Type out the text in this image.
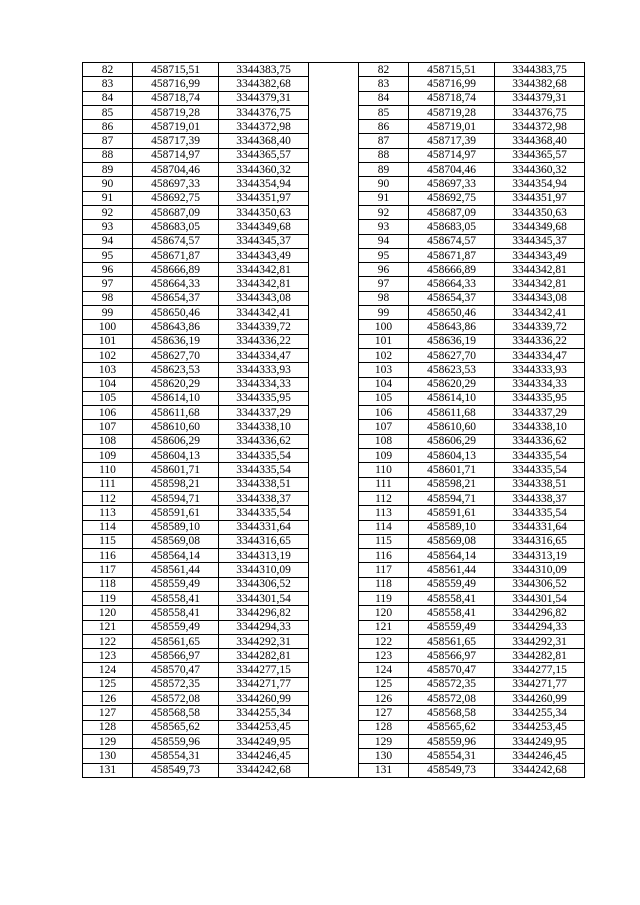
82	458715,51	3344383,75		82	458715,51	3344383,75
83	458716,99	3344382,68		83	458716,99	3344382,68
84	458718,74	3344379,31		84	458718,74	3344379,31
85	458719,28	3344376,75		85	458719,28	3344376,75
86	458719,01	3344372,98		86	458719,01	3344372,98
87	458717,39	3344368,40		87	458717,39	3344368,40
88	458714,97	3344365,57		88	458714,97	3344365,57
89	458704,46	3344360,32		89	458704,46	3344360,32
90	458697,33	3344354,94		90	458697,33	3344354,94
91	458692,75	3344351,97		91	458692,75	3344351,97
92	458687,09	3344350,63		92	458687,09	3344350,63
93	458683,05	3344349,68		93	458683,05	3344349,68
94	458674,57	3344345,37		94	458674,57	3344345,37
95	458671,87	3344343,49		95	458671,87	3344343,49
96	458666,89	3344342,81		96	458666,89	3344342,81
97	458664,33	3344342,81		97	458664,33	3344342,81
98	458654,37	3344343,08		98	458654,37	3344343,08
99	458650,46	3344342,41		99	458650,46	3344342,41
100	458643,86	3344339,72		100	458643,86	3344339,72
101	458636,19	3344336,22		101	458636,19	3344336,22
102	458627,70	3344334,47		102	458627,70	3344334,47
103	458623,53	3344333,93		103	458623,53	3344333,93
104	458620,29	3344334,33		104	458620,29	3344334,33
105	458614,10	3344335,95		105	458614,10	3344335,95
106	458611,68	3344337,29		106	458611,68	3344337,29
107	458610,60	3344338,10		107	458610,60	3344338,10
108	458606,29	3344336,62		108	458606,29	3344336,62
109	458604,13	3344335,54		109	458604,13	3344335,54
110	458601,71	3344335,54		110	458601,71	3344335,54
111	458598,21	3344338,51		111	458598,21	3344338,51
112	458594,71	3344338,37		112	458594,71	3344338,37
113	458591,61	3344335,54		113	458591,61	3344335,54
114	458589,10	3344331,64		114	458589,10	3344331,64
115	458569,08	3344316,65		115	458569,08	3344316,65
116	458564,14	3344313,19		116	458564,14	3344313,19
117	458561,44	3344310,09		117	458561,44	3344310,09
118	458559,49	3344306,52		118	458559,49	3344306,52
119	458558,41	3344301,54		119	458558,41	3344301,54
120	458558,41	3344296,82		120	458558,41	3344296,82
121	458559,49	3344294,33		121	458559,49	3344294,33
122	458561,65	3344292,31		122	458561,65	3344292,31
123	458566,97	3344282,81		123	458566,97	3344282,81
124	458570,47	3344277,15		124	458570,47	3344277,15
125	458572,35	3344271,77		125	458572,35	3344271,77
126	458572,08	3344260,99		126	458572,08	3344260,99
127	458568,58	3344255,34		127	458568,58	3344255,34
128	458565,62	3344253,45		128	458565,62	3344253,45
129	458559,96	3344249,95		129	458559,96	3344249,95
130	458554,31	3344246,45		130	458554,31	3344246,45
131	458549,73	3344242,68		131	458549,73	3344242,68
